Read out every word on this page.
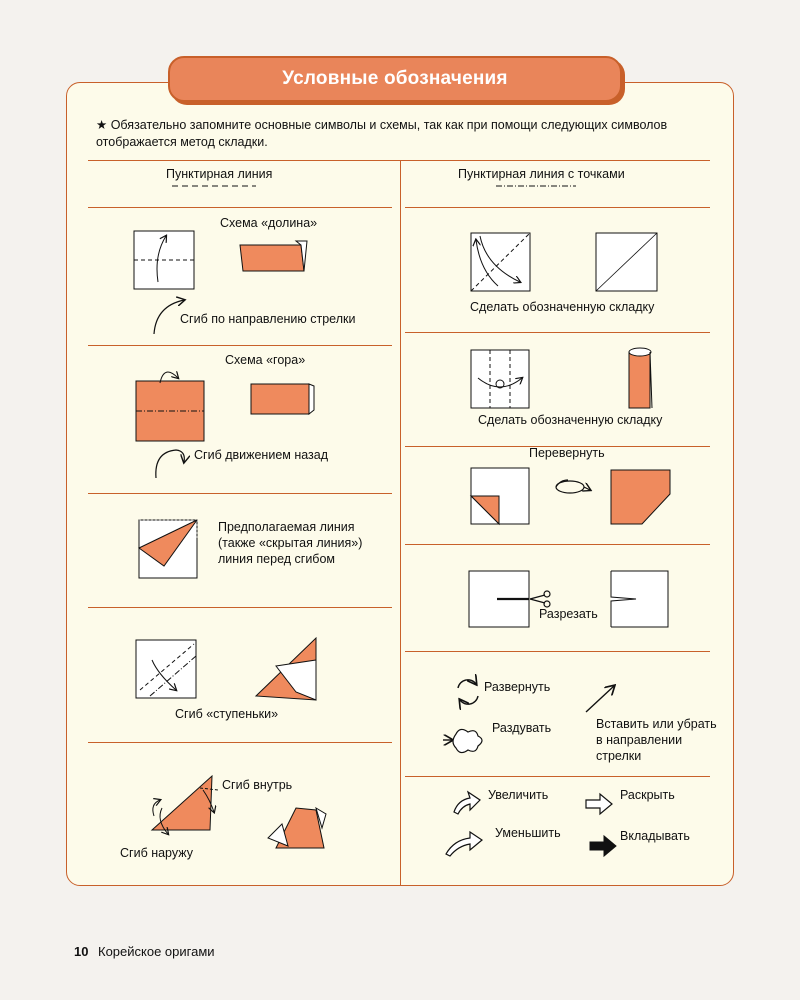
Условные обозначения
★ Обязательно запомните основные символы и схемы, так как при помощи следующих символов отображается метод складки.
Пунктирная линия
Схема «долина»
Сгиб по направлению стрелки
Схема «гора»
Сгиб движением назад
Предполагаемая линия (также «скрытая линия») линия перед сгибом
Сгиб «ступеньки»
Сгиб внутрь
Сгиб наружу
Пунктирная линия с точками
Сделать обозначенную складку
Сделать обозначенную складку
Перевернуть
Разрезать
Развернуть
Раздувать	Вставить или убрать в направлении стрелки
Увеличить
Уменьшить
Раскрыть
Вкладывать
10 Корейское оригами
